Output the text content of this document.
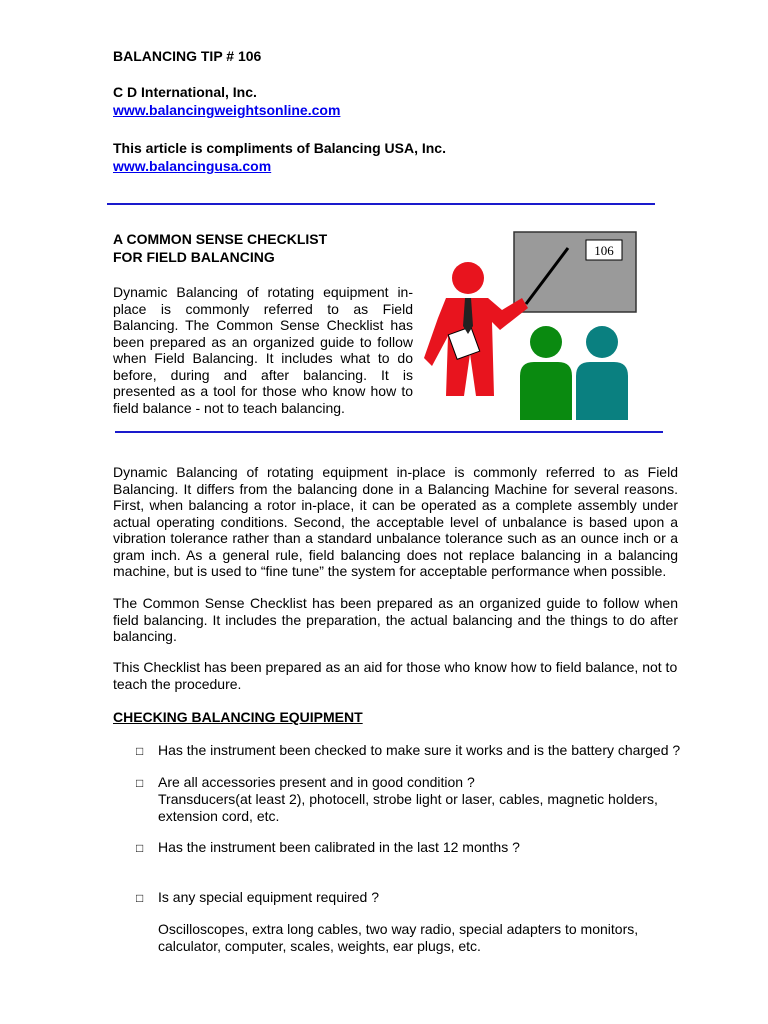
BALANCING TIP # 106
C D International, Inc.
www.balancingweightsonline.com
This article is compliments of Balancing USA, Inc.
www.balancingusa.com
A COMMON SENSE CHECKLIST
FOR FIELD BALANCING
Dynamic Balancing of rotating equipment in-place is commonly referred to as Field Balancing. The Common Sense Checklist has been prepared as an organized guide to follow when Field Balancing. It includes what to do before, during and after balancing. It is presented as a tool for those who know how to field balance - not to teach balancing.
106
Dynamic Balancing of rotating equipment in-place is commonly referred to as Field Balancing. It differs from the balancing done in a Balancing Machine for several reasons. First, when balancing a rotor in-place, it can be operated as a complete assembly under actual operating conditions. Second, the acceptable level of unbalance is based upon a vibration tolerance rather than a standard unbalance tolerance such as an ounce inch or a gram inch. As a general rule, field balancing does not replace balancing in a balancing machine, but is used to “fine tune” the system for acceptable performance when possible.
The Common Sense Checklist has been prepared as an organized guide to follow when field balancing. It includes the preparation, the actual balancing and the things to do after balancing.
This Checklist has been prepared as an aid for those who know how to field balance, not to teach the procedure.
CHECKING BALANCING EQUIPMENT
□ Has the instrument been checked to make sure it works and is the battery charged ?
□ Are all accessories present and in good condition ?
Transducers(at least 2), photocell, strobe light or laser, cables, magnetic holders, extension cord, etc.
□ Has the instrument been calibrated in the last 12 months ?
□ Is any special equipment required ?
Oscilloscopes, extra long cables, two way radio, special adapters to monitors, calculator, computer, scales, weights, ear plugs, etc.
